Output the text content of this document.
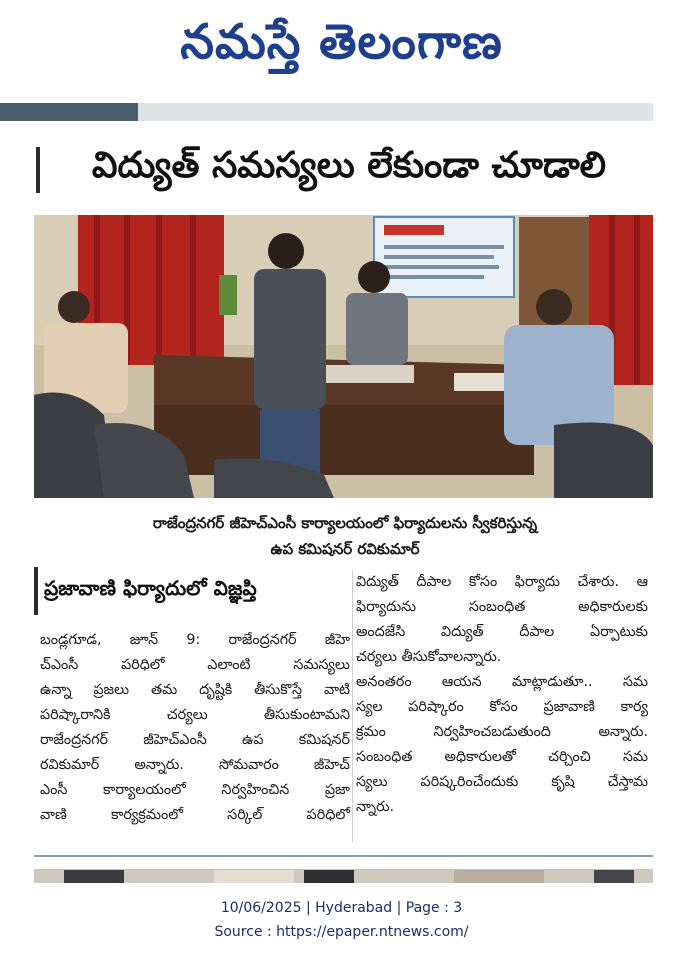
నమస్తే తెలంగాణ
విద్యుత్ సమస్యలు లేకుండా చూడాలి
రాజేంద్రనగర్ జీహెచ్ఎంసీ కార్యాలయంలో ఫిర్యాదులను స్వీకరిస్తున్న
ఉప కమిషనర్ రవికుమార్
ప్రజావాణి ఫిర్యాదులో విజ్ఞప్తి

బండ్లగూడ, జూన్ 9: రాజేంద్రనగర్ జీహె

చ్ఎంసీ పరిధిలో ఎలాంటి సమస్యలు

ఉన్నా ప్రజలు తమ దృష్టికి తీసుకొస్తే వాటి

పరిష్కారానికి చర్యలు తీసుకుంటామని

రాజేంద్రనగర్ జీహెచ్ఎంసీ ఉప కమిషనర్

రవికుమార్ అన్నారు. సోమవారం జీహెచ్

ఎంసీ కార్యాలయంలో నిర్వహించిన ప్రజా

వాణి కార్యక్రమంలో సర్కిల్ పరిధిలో

విద్యుత్ దీపాల కోసం ఫిర్యాదు చేశారు. ఆ

ఫిర్యాదును సంబంధిత అధికారులకు

అందజేసి విద్యుత్ దీపాల ఏర్పాటుకు

చర్యలు తీసుకోవాలన్నారు.

అనంతరం ఆయన మాట్లాడుతూ.. సమ

స్యల పరిష్కారం కోసం ప్రజావాణి కార్య

క్రమం నిర్వహించబడుతుంది అన్నారు.

సంబంధిత అధికారులతో చర్చించి సమ

స్యలు పరిష్కరించేందుకు కృషి చేస్తామ

న్నారు.

10/06/2025 | Hyderabad | Page : 3
Source : https://epaper.ntnews.com/
